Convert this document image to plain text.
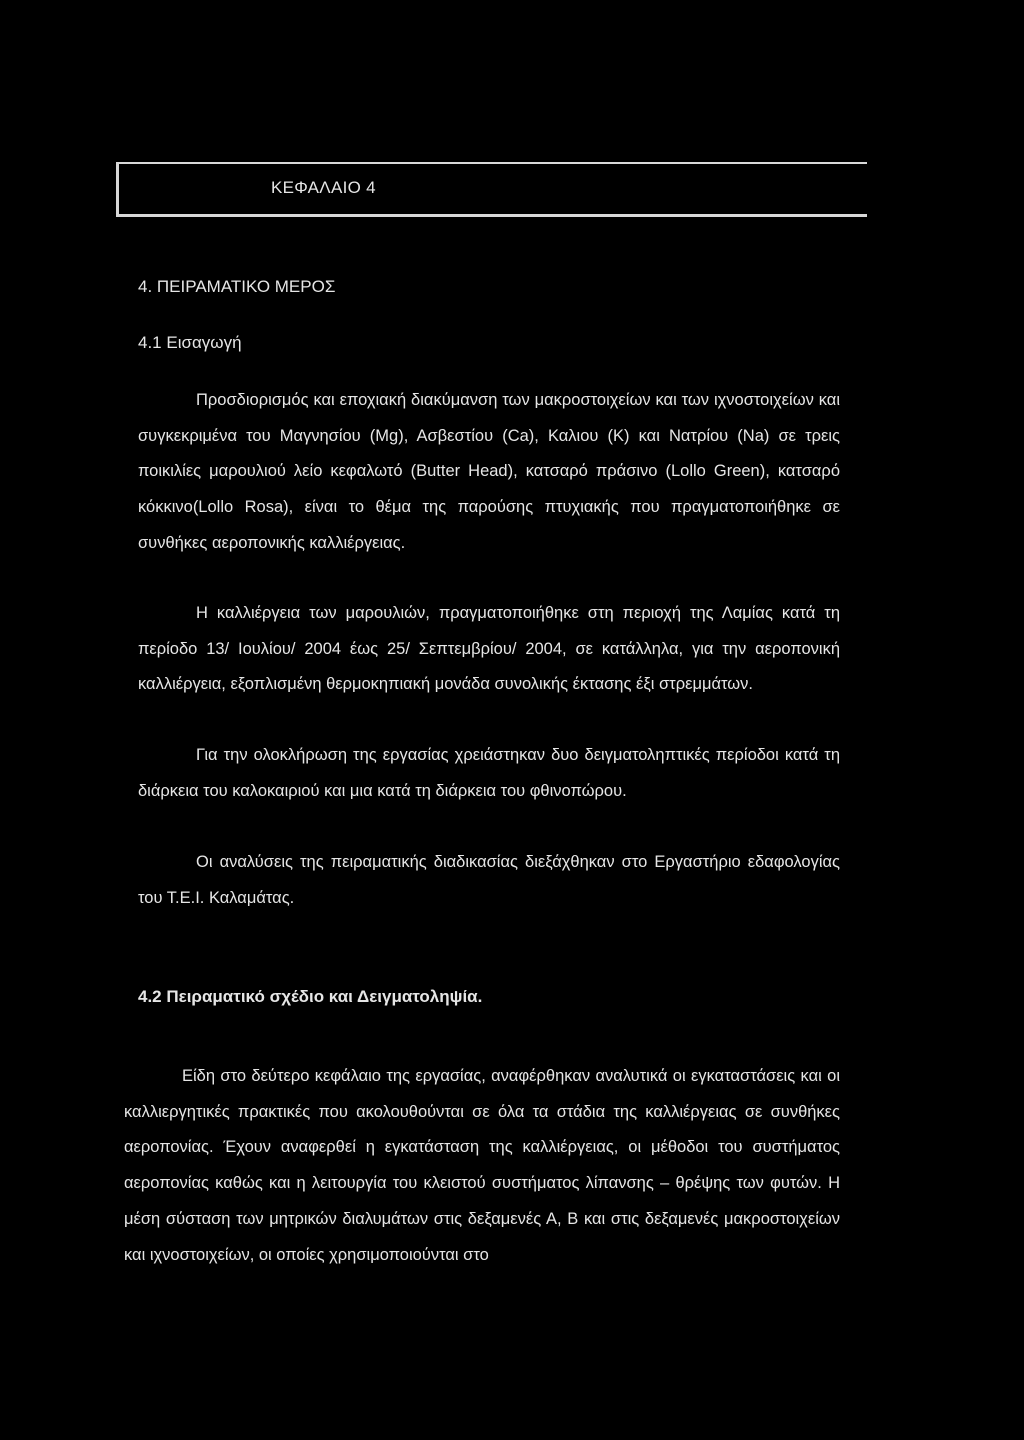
ΚΕΦΑΛΑΙΟ 4
4. ΠΕΙΡΑΜΑΤΙΚΟ ΜΕΡΟΣ
4.1 Εισαγωγή

Προσδιορισμός και εποχιακή διακύμανση των μακροστοιχείων και των ιχνοστοιχείων και συγκεκριμένα του Μαγνησίου (Mg), Ασβεστίου (Ca), Καλιου (K) και Νατρίου (Na) σε τρεις ποικιλίες μαρουλιού λείο κεφαλωτό (Butter Head), κατσαρό πράσινο (Lollo Green), κατσαρό κόκκινο(Lollo Rosa), είναι το θέμα της παρούσης πτυχιακής που πραγματοποιήθηκε σε συνθήκες αεροπονικής καλλιέργειας.

Η καλλιέργεια των μαρουλιών, πραγματοποιήθηκε στη περιοχή της Λαμίας κατά τη περίοδο 13/ Ιουλίου/ 2004 έως 25/ Σεπτεμβρίου/ 2004, σε κατάλληλα, για την αεροπονική καλλιέργεια, εξοπλισμένη θερμοκηπιακή μονάδα συνολικής έκτασης έξι στρεμμάτων.

Για την ολοκλήρωση της εργασίας χρειάστηκαν δυο δειγματοληπτικές περίοδοι κατά τη διάρκεια του καλοκαιριού και μια κατά τη διάρκεια του φθινοπώρου.

Οι αναλύσεις της πειραματικής διαδικασίας διεξάχθηκαν στο Εργαστήριο εδαφολογίας του Τ.Ε.Ι. Καλαμάτας.

4.2 Πειραματικό σχέδιο και Δειγματοληψία.

Είδη στο δεύτερο κεφάλαιο της εργασίας, αναφέρθηκαν αναλυτικά οι εγκαταστάσεις και οι καλλιεργητικές πρακτικές που ακολουθούνται σε όλα τα στάδια της καλλιέργειας σε συνθήκες αεροπονίας. Έχουν αναφερθεί η εγκατάσταση της καλλιέργειας, οι μέθοδοι του συστήματος αεροπονίας καθώς και η λειτουργία του κλειστού συστήματος λίπανσης – θρέψης των φυτών. Η μέση σύσταση των μητρικών διαλυμάτων στις δεξαμενές Α, Β και στις δεξαμενές μακροστοιχείων και ιχνοστοιχείων, οι οποίες χρησιμοποιούνται στο
